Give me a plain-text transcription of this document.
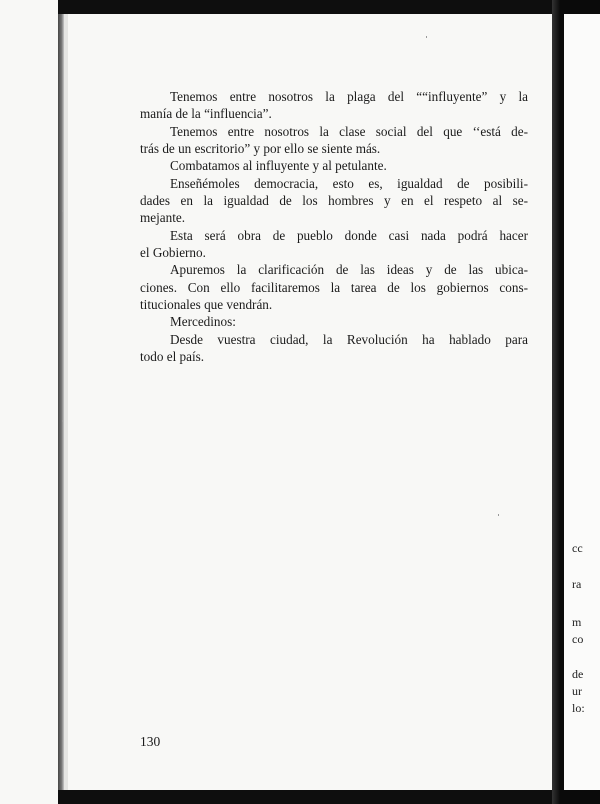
cc
ra
m
co
de
ur
lo:

Tenemos entre nosotros la plaga del ““influyente” y la
manía de la “influencia”.

Tenemos entre nosotros la clase social del que ‘‘está de-
trás de un escritorio” y por ello se siente más.

Combatamos al influyente y al petulante.

Enseñémoles democracia, esto es, igualdad de posibili-
dades en la igualdad de los hombres y en el respeto al se-
mejante.

Esta será obra de pueblo donde casi nada podrá hacer
el Gobierno.

Apuremos la clarificación de las ideas y de las ubica-
ciones. Con ello facilitaremos la tarea de los gobiernos cons-
titucionales que vendrán.

Mercedinos:

Desde vuestra ciudad, la Revolución ha hablado para
todo el país.

130
